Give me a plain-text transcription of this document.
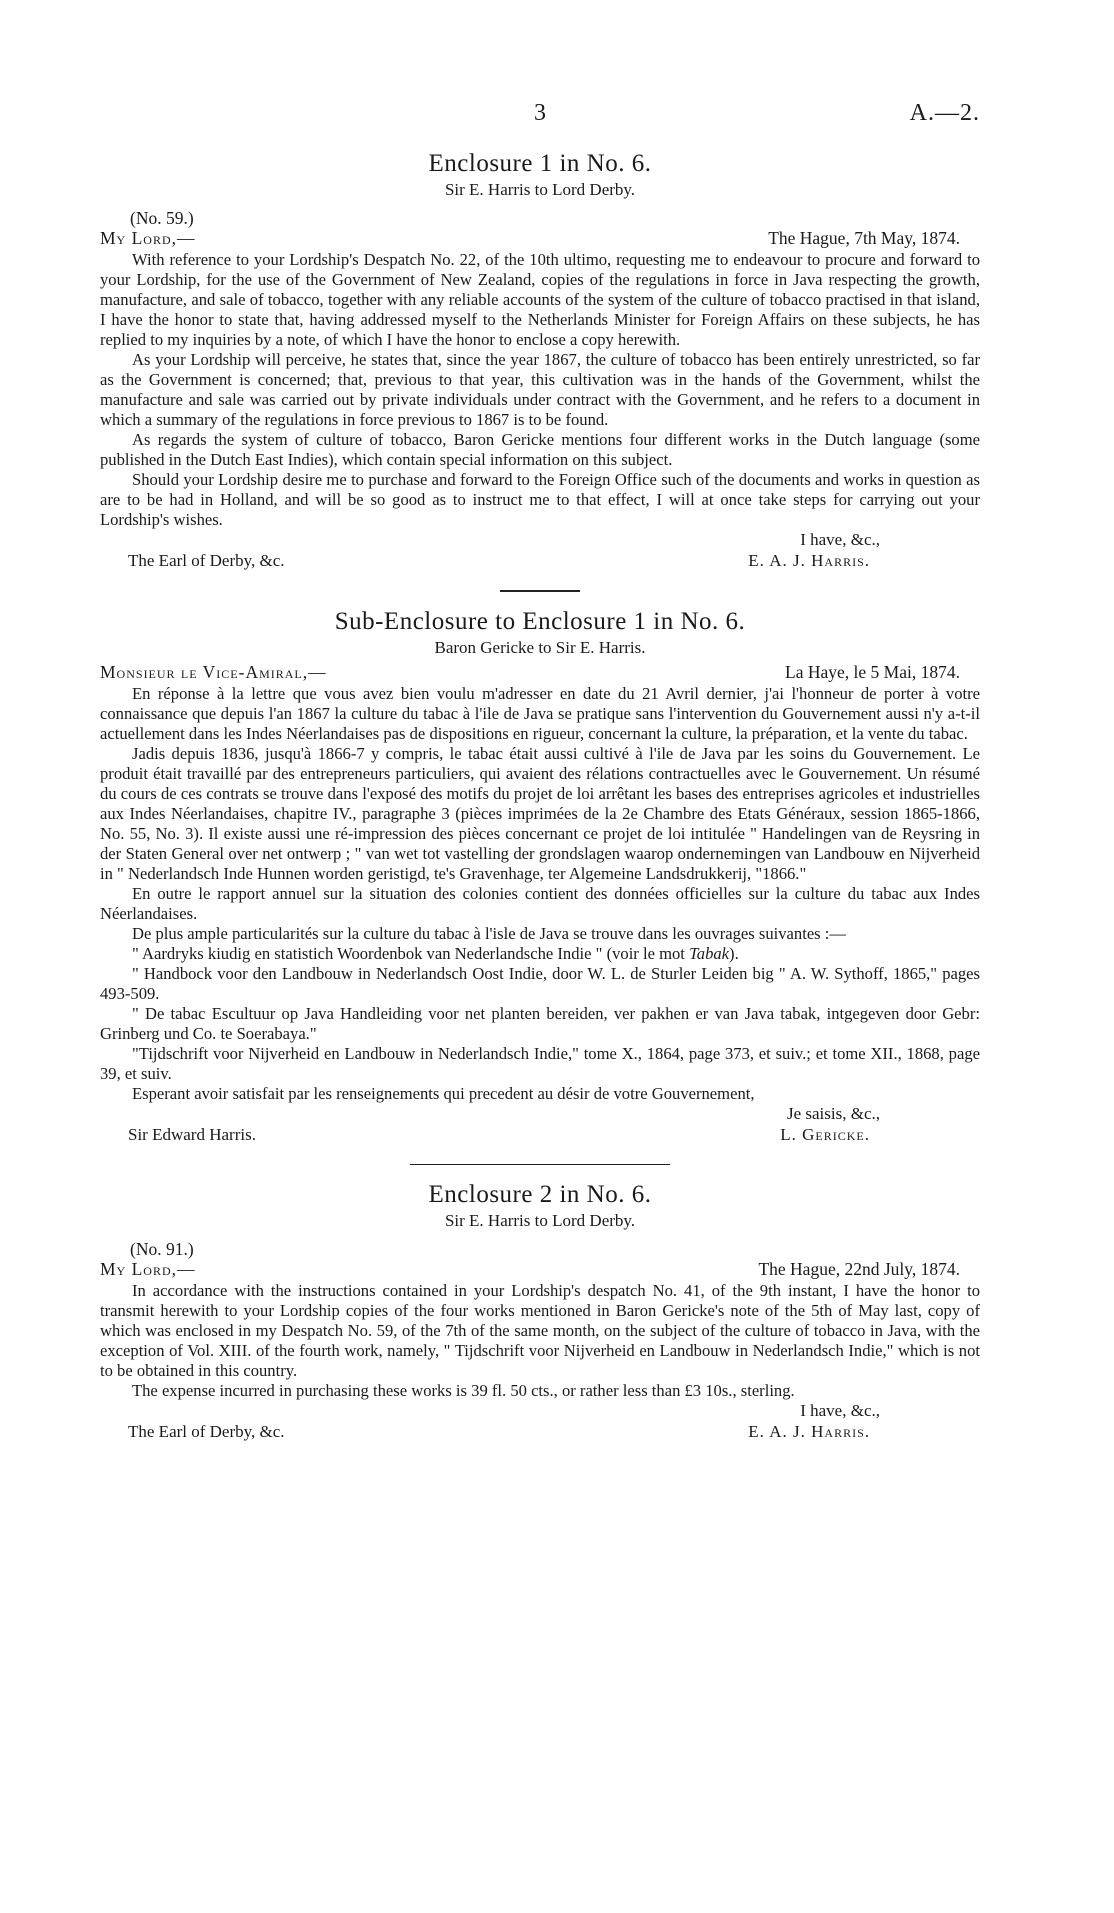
3	A.—2.
Enclosure 1 in No. 6.
Sir E. Harris to Lord Derby.
(No. 59.)
My Lord,—	The Hague, 7th May, 1874.

With reference to your Lordship's Despatch No. 22, of the 10th ultimo, requesting me to endeavour to procure and forward to your Lordship, for the use of the Government of New Zealand, copies of the regulations in force in Java respecting the growth, manufacture, and sale of tobacco, together with any reliable accounts of the system of the culture of tobacco practised in that island, I have the honor to state that, having addressed myself to the Netherlands Minister for Foreign Affairs on these subjects, he has replied to my inquiries by a note, of which I have the honor to enclose a copy herewith.

As your Lordship will perceive, he states that, since the year 1867, the culture of tobacco has been entirely unrestricted, so far as the Government is concerned; that, previous to that year, this cultivation was in the hands of the Government, whilst the manufacture and sale was carried out by private individuals under contract with the Government, and he refers to a document in which a summary of the regulations in force previous to 1867 is to be found.

As regards the system of culture of tobacco, Baron Gericke mentions four different works in the Dutch language (some published in the Dutch East Indies), which contain special information on this subject.

Should your Lordship desire me to purchase and forward to the Foreign Office such of the documents and works in question as are to be had in Holland, and will be so good as to instruct me to that effect, I will at once take steps for carrying out your Lordship's wishes.

I have, &c.,
The Earl of Derby, &c.	E. A. J. Harris.
Sub-Enclosure to Enclosure 1 in No. 6.
Baron Gericke to Sir E. Harris.
Monsieur le Vice-Amiral,—	La Haye, le 5 Mai, 1874.

En réponse à la lettre que vous avez bien voulu m'adresser en date du 21 Avril dernier, j'ai l'honneur de porter à votre connaissance que depuis l'an 1867 la culture du tabac à l'ile de Java se pratique sans l'intervention du Gouvernement aussi n'y a-t-il actuellement dans les Indes Néerlandaises pas de dispositions en rigueur, concernant la culture, la préparation, et la vente du tabac.

Jadis depuis 1836, jusqu'à 1866-7 y compris, le tabac était aussi cultivé à l'ile de Java par les soins du Gouvernement. Le produit était travaillé par des entrepreneurs particuliers, qui avaient des rélations contractuelles avec le Gouvernement. Un résumé du cours de ces contrats se trouve dans l'exposé des motifs du projet de loi arrêtant les bases des entreprises agricoles et industrielles aux Indes Néerlandaises, chapitre IV., paragraphe 3 (pièces imprimées de la 2e Chambre des Etats Généraux, session 1865-1866, No. 55, No. 3). Il existe aussi une ré-impression des pièces concernant ce projet de loi intitulée " Handelingen van de Reysring in der Staten General over net ontwerp ; " van wet tot vastelling der grondslagen waarop ondernemingen van Landbouw en Nijverheid in " Nederlandsch Inde Hunnen worden geristigd, te's Gravenhage, ter Algemeine Landsdrukkerij, "1866."

En outre le rapport annuel sur la situation des colonies contient des données officielles sur la culture du tabac aux Indes Néerlandaises.

De plus ample particularités sur la culture du tabac à l'isle de Java se trouve dans les ouvrages suivantes :—

" Aardryks kiudig en statistich Woordenbok van Nederlandsche Indie " (voir le mot Tabak).

" Handbock voor den Landbouw in Nederlandsch Oost Indie, door W. L. de Sturler Leiden big " A. W. Sythoff, 1865," pages 493-509.

" De tabac Escultuur op Java Handleiding voor net planten bereiden, ver pakhen er van Java tabak, intgegeven door Gebr: Grinberg und Co. te Soerabaya."

"Tijdschrift voor Nijverheid en Landbouw in Nederlandsch Indie," tome X., 1864, page 373, et suiv.; et tome XII., 1868, page 39, et suiv.

Esperant avoir satisfait par les renseignements qui precedent au désir de votre Gouvernement,

Je saisis, &c.,
Sir Edward Harris.	L. Gericke.
Enclosure 2 in No. 6.
Sir E. Harris to Lord Derby.
(No. 91.)
My Lord,—	The Hague, 22nd July, 1874.

In accordance with the instructions contained in your Lordship's despatch No. 41, of the 9th instant, I have the honor to transmit herewith to your Lordship copies of the four works mentioned in Baron Gericke's note of the 5th of May last, copy of which was enclosed in my Despatch No. 59, of the 7th of the same month, on the subject of the culture of tobacco in Java, with the exception of Vol. XIII. of the fourth work, namely, " Tijdschrift voor Nijverheid en Landbouw in Nederlandsch Indie," which is not to be obtained in this country.

The expense incurred in purchasing these works is 39 fl. 50 cts., or rather less than £3 10s., sterling.

I have, &c.,
The Earl of Derby, &c.	E. A. J. Harris.
